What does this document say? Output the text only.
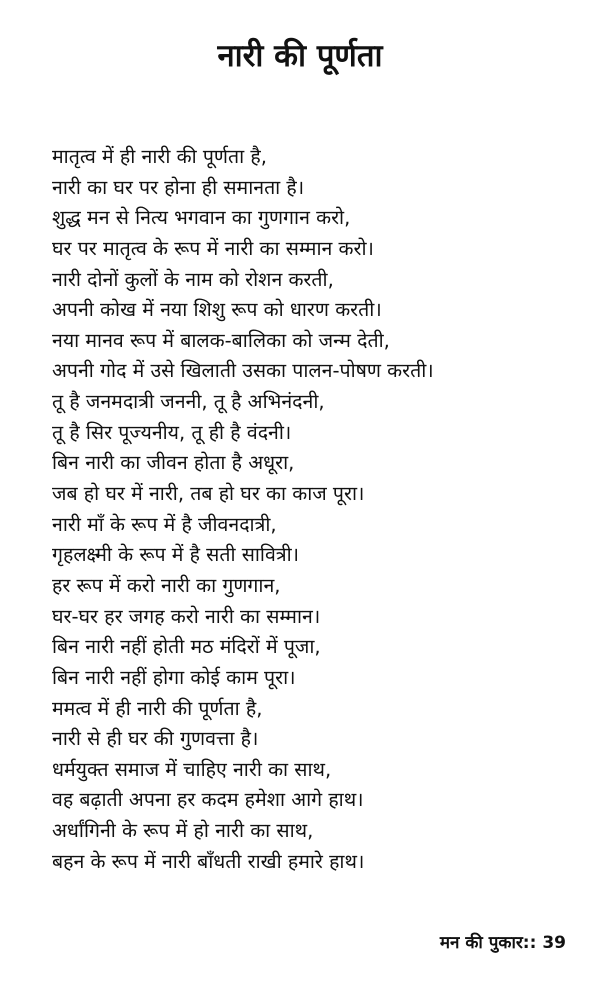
नारी की पूर्णता
मातृत्व में ही नारी की पूर्णता है,
नारी का घर पर होना ही समानता है।
शुद्ध मन से नित्य भगवान का गुणगान करो,
घर पर मातृत्व के रूप में नारी का सम्मान करो।
नारी दोनों कुलों के नाम को रोशन करती,
अपनी कोख में नया शिशु रूप को धारण करती।
नया मानव रूप में बालक-बालिका को जन्म देती,
अपनी गोद में उसे खिलाती उसका पालन-पोषण करती।
तू है जनमदात्री जननी, तू है अभिनंदनी,
तू है सिर पूज्यनीय, तू ही है वंदनी।
बिन नारी का जीवन होता है अधूरा,
जब हो घर में नारी, तब हो घर का काज पूरा।
नारी माँ के रूप में है जीवनदात्री,
गृहलक्ष्मी के रूप में है सती सावित्री।
हर रूप में करो नारी का गुणगान,
घर-घर हर जगह करो नारी का सम्मान।
बिन नारी नहीं होती मठ मंदिरों में पूजा,
बिन नारी नहीं होगा कोई काम पूरा।
ममत्व में ही नारी की पूर्णता है,
नारी से ही घर की गुणवत्ता है।
धर्मयुक्त समाज में चाहिए नारी का साथ,
वह बढ़ाती अपना हर कदम हमेशा आगे हाथ।
अर्धांगिनी के रूप में हो नारी का साथ,
बहन के रूप में नारी बाँधती राखी हमारे हाथ।
मन की पुकार:: 39
